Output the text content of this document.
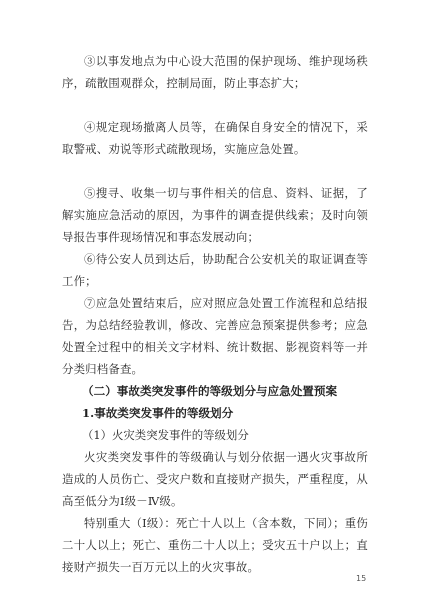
③以事发地点为中心设大范围的保护现场、维护现场秩序，疏散围观群众，控制局面，防止事态扩大；

④规定现场撤离人员等，在确保自身安全的情况下，采取警戒、劝说等形式疏散现场，实施应急处置。

⑤搜寻、收集一切与事件相关的信息、资料、证据，了解实施应急活动的原因，为事件的调查提供线索；及时向领导报告事件现场情况和事态发展动向；

⑥待公安人员到达后，协助配合公安机关的取证调查等工作；

⑦应急处置结束后，应对照应急处置工作流程和总结报告，为总结经验教训，修改、完善应急预案提供参考；应急处置全过程中的相关文字材料、统计数据、影视资料等一并分类归档备查。

（二）事故类突发事件的等级划分与应急处置预案

1.事故类突发事件的等级划分

（1）火灾类突发事件的等级划分

火灾类突发事件的等级确认与划分依据一遇火灾事故所造成的人员伤亡、受灾户数和直接财产损失，严重程度，从高至低分为Ⅰ级－Ⅳ级。

特别重大（Ⅰ级）：死亡十人以上（含本数，下同）；重伤二十人以上；死亡、重伤二十人以上；受灾五十户以上；直接财产损失一百万元以上的火灾事故。

15
